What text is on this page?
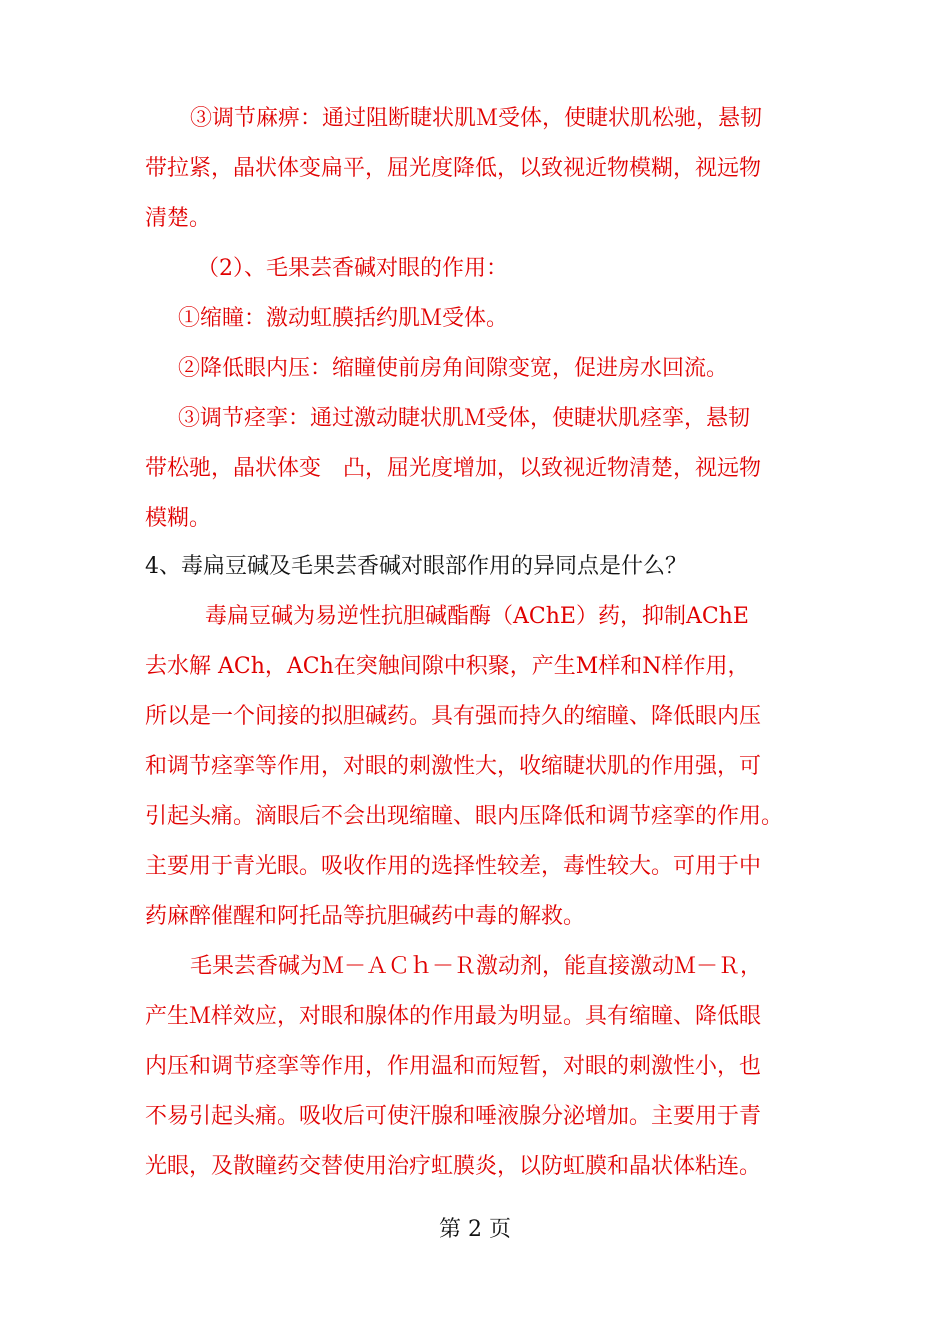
③调节麻痹：通过阻断睫状肌Ｍ受体，使睫状肌松驰，悬韧
带拉紧，晶状体变扁平，屈光度降低，以致视近物模糊，视远物
清楚。
（2）、毛果芸香碱对眼的作用：
①缩瞳：激动虹膜括约肌Ｍ受体。
②降低眼内压：缩瞳使前房角间隙变宽，促进房水回流。
③调节痉挛：通过激动睫状肌Ｍ受体，使睫状肌痉挛，悬韧
带松驰，晶状体变　凸，屈光度增加，以致视近物清楚，视远物
模糊。
4、毒扁豆碱及毛果芸香碱对眼部作用的异同点是什么？
毒扁豆碱为易逆性抗胆碱酯酶（AChE）药，抑制AChE
去水解 ACh，ACh在突触间隙中积聚，产生M样和N样作用，
所以是一个间接的拟胆碱药。具有强而持久的缩瞳、降低眼内压
和调节痉挛等作用，对眼的刺激性大，收缩睫状肌的作用强，可
引起头痛。滴眼后不会出现缩瞳、眼内压降低和调节痉挛的作用。
主要用于青光眼。吸收作用的选择性较差，毒性较大。可用于中
药麻醉催醒和阿托品等抗胆碱药中毒的解救。
毛果芸香碱为Ｍ－ＡＣｈ－Ｒ激动剂，能直接激动Ｍ－Ｒ，
产生Ｍ样效应，对眼和腺体的作用最为明显。具有缩瞳、降低眼
内压和调节痉挛等作用，作用温和而短暂，对眼的刺激性小，也
不易引起头痛。吸收后可使汗腺和唾液腺分泌增加。主要用于青
光眼，及散瞳药交替使用治疗虹膜炎，以防虹膜和晶状体粘连。
第 2 页
